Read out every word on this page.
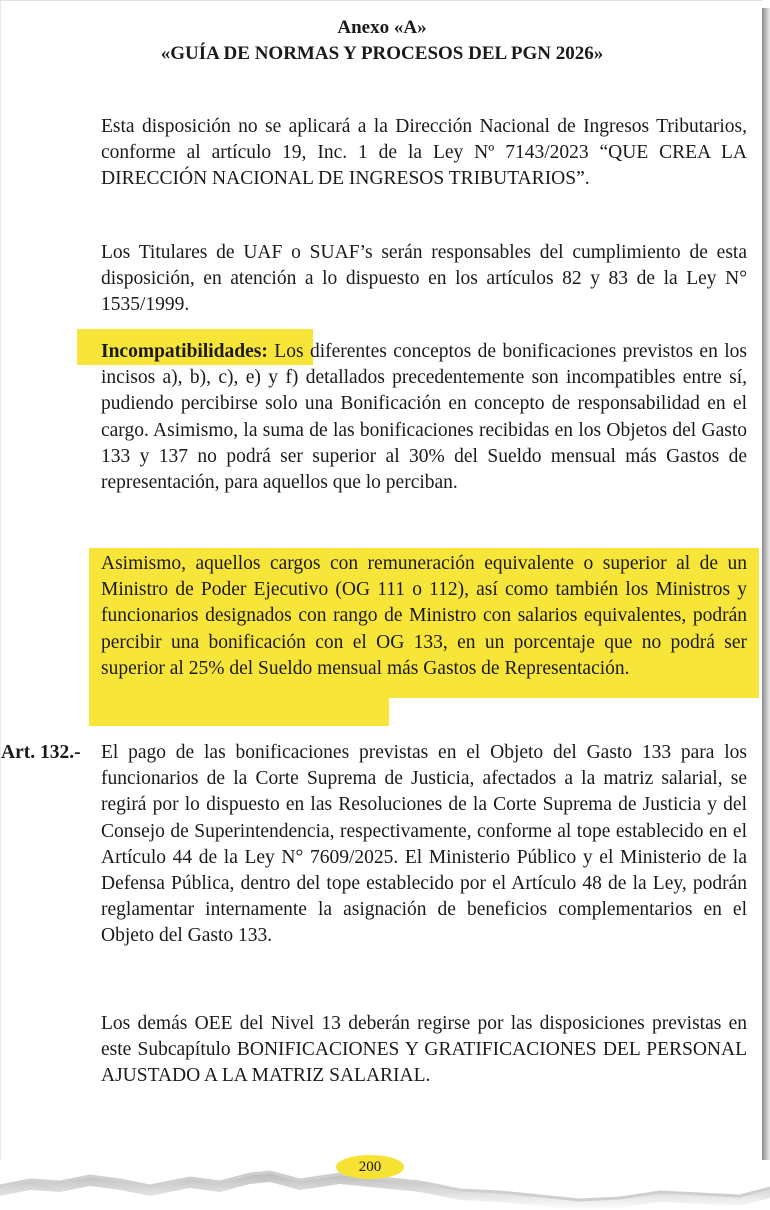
Anexo «A»
«GUÍA DE NORMAS Y PROCESOS DEL PGN 2026»
Esta disposición no se aplicará a la Dirección Nacional de Ingresos Tributarios, conforme al artículo 19, Inc. 1 de la Ley Nº 7143/2023 “QUE CREA LA DIRECCIÓN NACIONAL DE INGRESOS TRIBUTARIOS”.
Los Titulares de UAF o SUAF’s serán responsables del cumplimiento de esta disposición, en atención a lo dispuesto en los artículos 82 y 83 de la Ley N° 1535/1999.
Incompatibilidades: Los diferentes conceptos de bonificaciones previstos en los incisos a), b), c), e) y f) detallados precedentemente son incompatibles entre sí, pudiendo percibirse solo una Bonificación en concepto de responsabilidad en el cargo. Asimismo, la suma de las bonificaciones recibidas en los Objetos del Gasto 133 y 137 no podrá ser superior al 30% del Sueldo mensual más Gastos de representación, para aquellos que lo perciban.
Asimismo, aquellos cargos con remuneración equivalente o superior al de un Ministro de Poder Ejecutivo (OG 111 o 112), así como también los Ministros y funcionarios designados con rango de Ministro con salarios equivalentes, podrán percibir una bonificación con el OG 133, en un porcentaje que no podrá ser superior al 25% del Sueldo mensual más Gastos de Representación.
Art. 132.- El pago de las bonificaciones previstas en el Objeto del Gasto 133 para los funcionarios de la Corte Suprema de Justicia, afectados a la matriz salarial, se regirá por lo dispuesto en las Resoluciones de la Corte Suprema de Justicia y del Consejo de Superintendencia, respectivamente, conforme al tope establecido en el Artículo 44 de la Ley N° 7609/2025. El Ministerio Público y el Ministerio de la Defensa Pública, dentro del tope establecido por el Artículo 48 de la Ley, podrán reglamentar internamente la asignación de beneficios complementarios en el Objeto del Gasto 133.
Los demás OEE del Nivel 13 deberán regirse por las disposiciones previstas en este Subcapítulo BONIFICACIONES Y GRATIFICACIONES DEL PERSONAL AJUSTADO A LA MATRIZ SALARIAL.
200
